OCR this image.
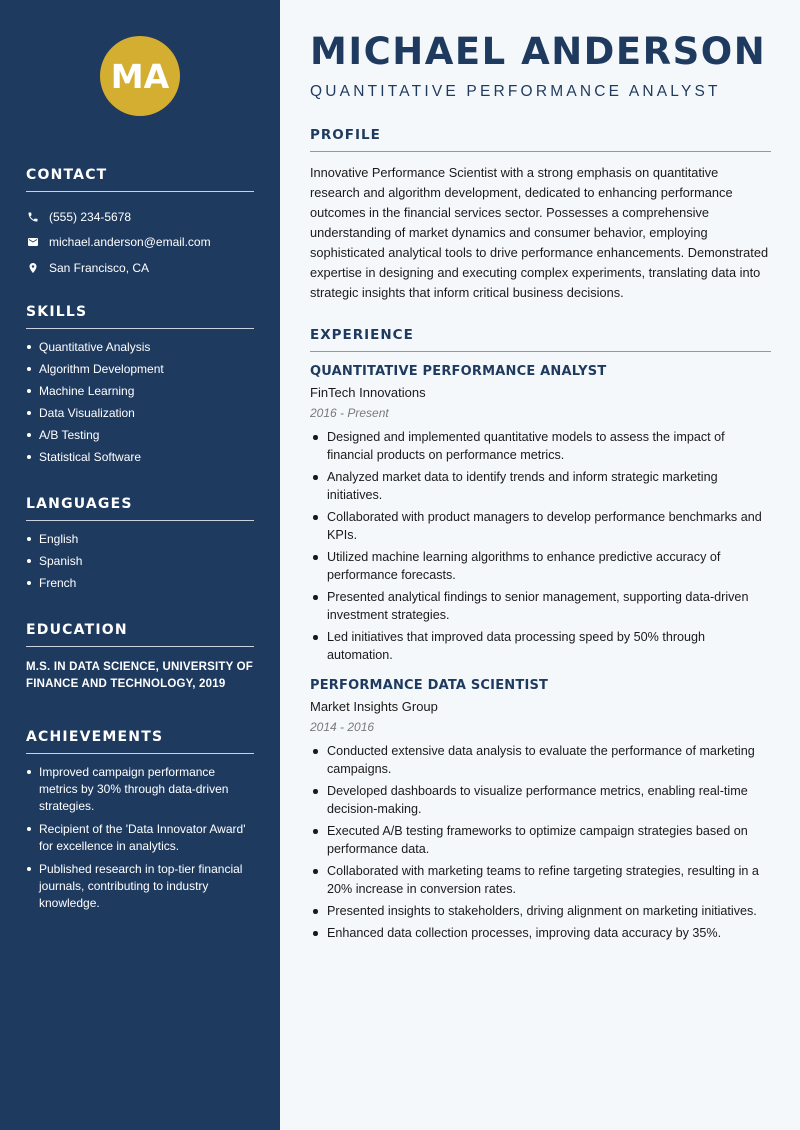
MA
CONTACT
(555) 234-5678
michael.anderson@email.com
San Francisco, CA
SKILLS
Quantitative Analysis
Algorithm Development
Machine Learning
Data Visualization
A/B Testing
Statistical Software
LANGUAGES
English
Spanish
French
EDUCATION

M.S. IN DATA SCIENCE, UNIVERSITY OF FINANCE AND TECHNOLOGY, 2019

ACHIEVEMENTS
Improved campaign performance metrics by 30% through data-driven strategies.
Recipient of the 'Data Innovator Award' for excellence in analytics.
Published research in top-tier financial journals, contributing to industry knowledge.
MICHAEL ANDERSON
QUANTITATIVE PERFORMANCE ANALYST
PROFILE

Innovative Performance Scientist with a strong emphasis on quantitative research and algorithm development, dedicated to enhancing performance outcomes in the financial services sector. Possesses a comprehensive understanding of market dynamics and consumer behavior, employing sophisticated analytical tools to drive performance enhancements. Demonstrated expertise in designing and executing complex experiments, translating data into strategic insights that inform critical business decisions.

EXPERIENCE
QUANTITATIVE PERFORMANCE ANALYST
FinTech Innovations
2016 - Present
Designed and implemented quantitative models to assess the impact of financial products on performance metrics.
Analyzed market data to identify trends and inform strategic marketing initiatives.
Collaborated with product managers to develop performance benchmarks and KPIs.
Utilized machine learning algorithms to enhance predictive accuracy of performance forecasts.
Presented analytical findings to senior management, supporting data-driven investment strategies.
Led initiatives that improved data processing speed by 50% through automation.
PERFORMANCE DATA SCIENTIST
Market Insights Group
2014 - 2016
Conducted extensive data analysis to evaluate the performance of marketing campaigns.
Developed dashboards to visualize performance metrics, enabling real-time decision-making.
Executed A/B testing frameworks to optimize campaign strategies based on performance data.
Collaborated with marketing teams to refine targeting strategies, resulting in a 20% increase in conversion rates.
Presented insights to stakeholders, driving alignment on marketing initiatives.
Enhanced data collection processes, improving data accuracy by 35%.
